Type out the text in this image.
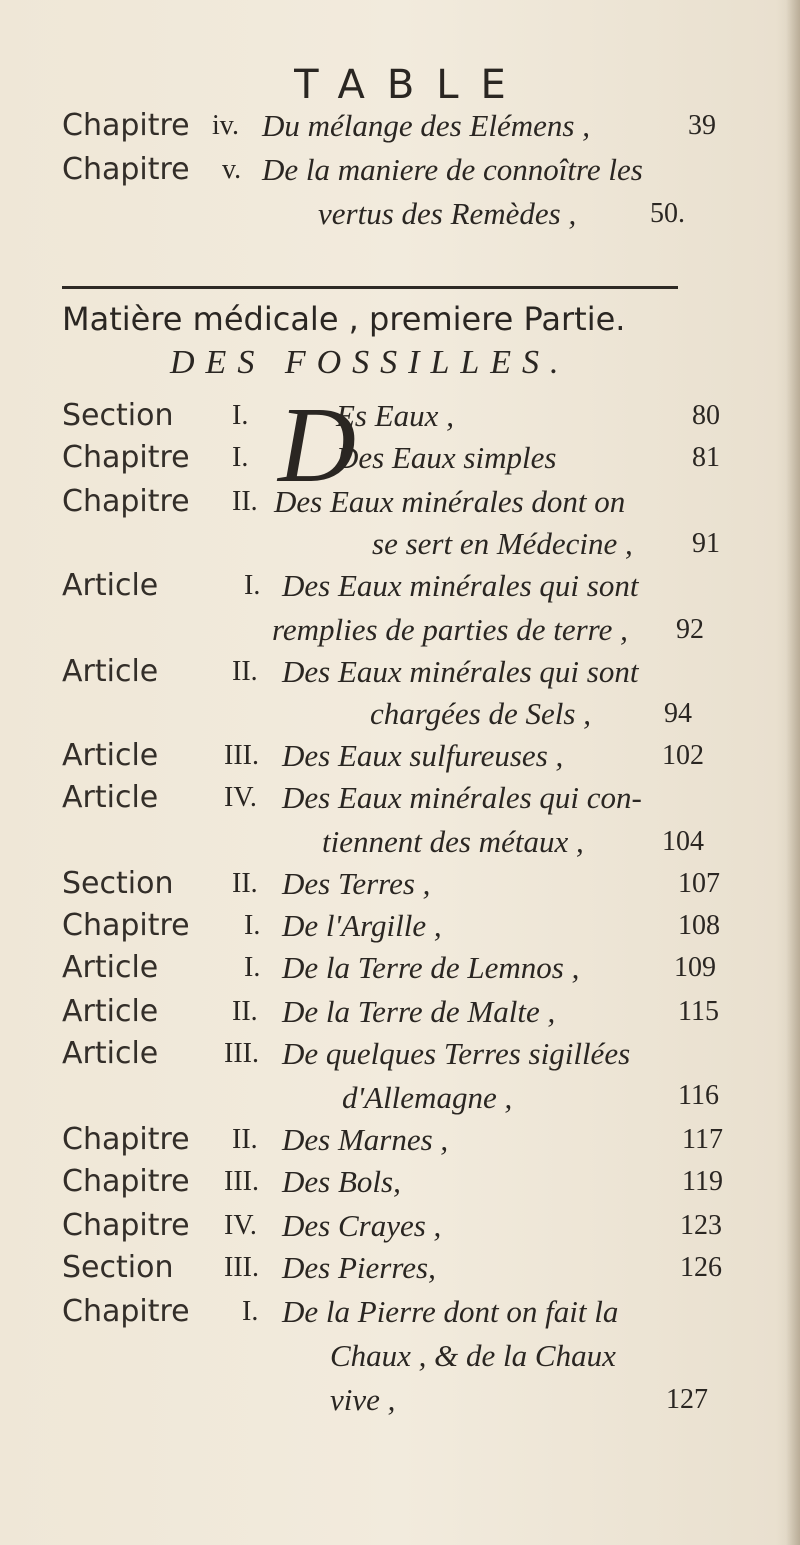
TABLE
Chapitre iv. Du mélange des Elémens ,	39
Chapitre v. De la maniere de connoître les
vertus des Remèdes ,	50.
Matière médicale , premiere Partie.
DES FOSSILLES.
D
Section I.	Es Eaux ,	80
Chapitre I.	Des Eaux simples	81
Chapitre II. Des Eaux minérales dont on
se sert en Médecine , 91
Article	I. Des Eaux minérales qui sont
remplies de parties de terre , 92
Article	II. Des Eaux minérales qui sont
chargées de Sels ,	94
Article III. Des Eaux sulfureuses ,	102
Article IV. Des Eaux minérales qui con-
tiennent des métaux ,	104
Section II. Des Terres ,	107
Chapitre I. De l'Argille ,	108
Article	I. De la Terre de Lemnos ,	109
Article	II. De la Terre de Malte ,	115
Article III. De quelques Terres sigillées
d'Allemagne ,	116
Chapitre II. Des Marnes ,	117
Chapitre III. Des Bols,	119
Chapitre IV. Des Crayes ,	123
Section III. Des Pierres,	126
Chapitre I. De la Pierre dont on fait la
Chaux , & de la Chaux
vive ,	127
